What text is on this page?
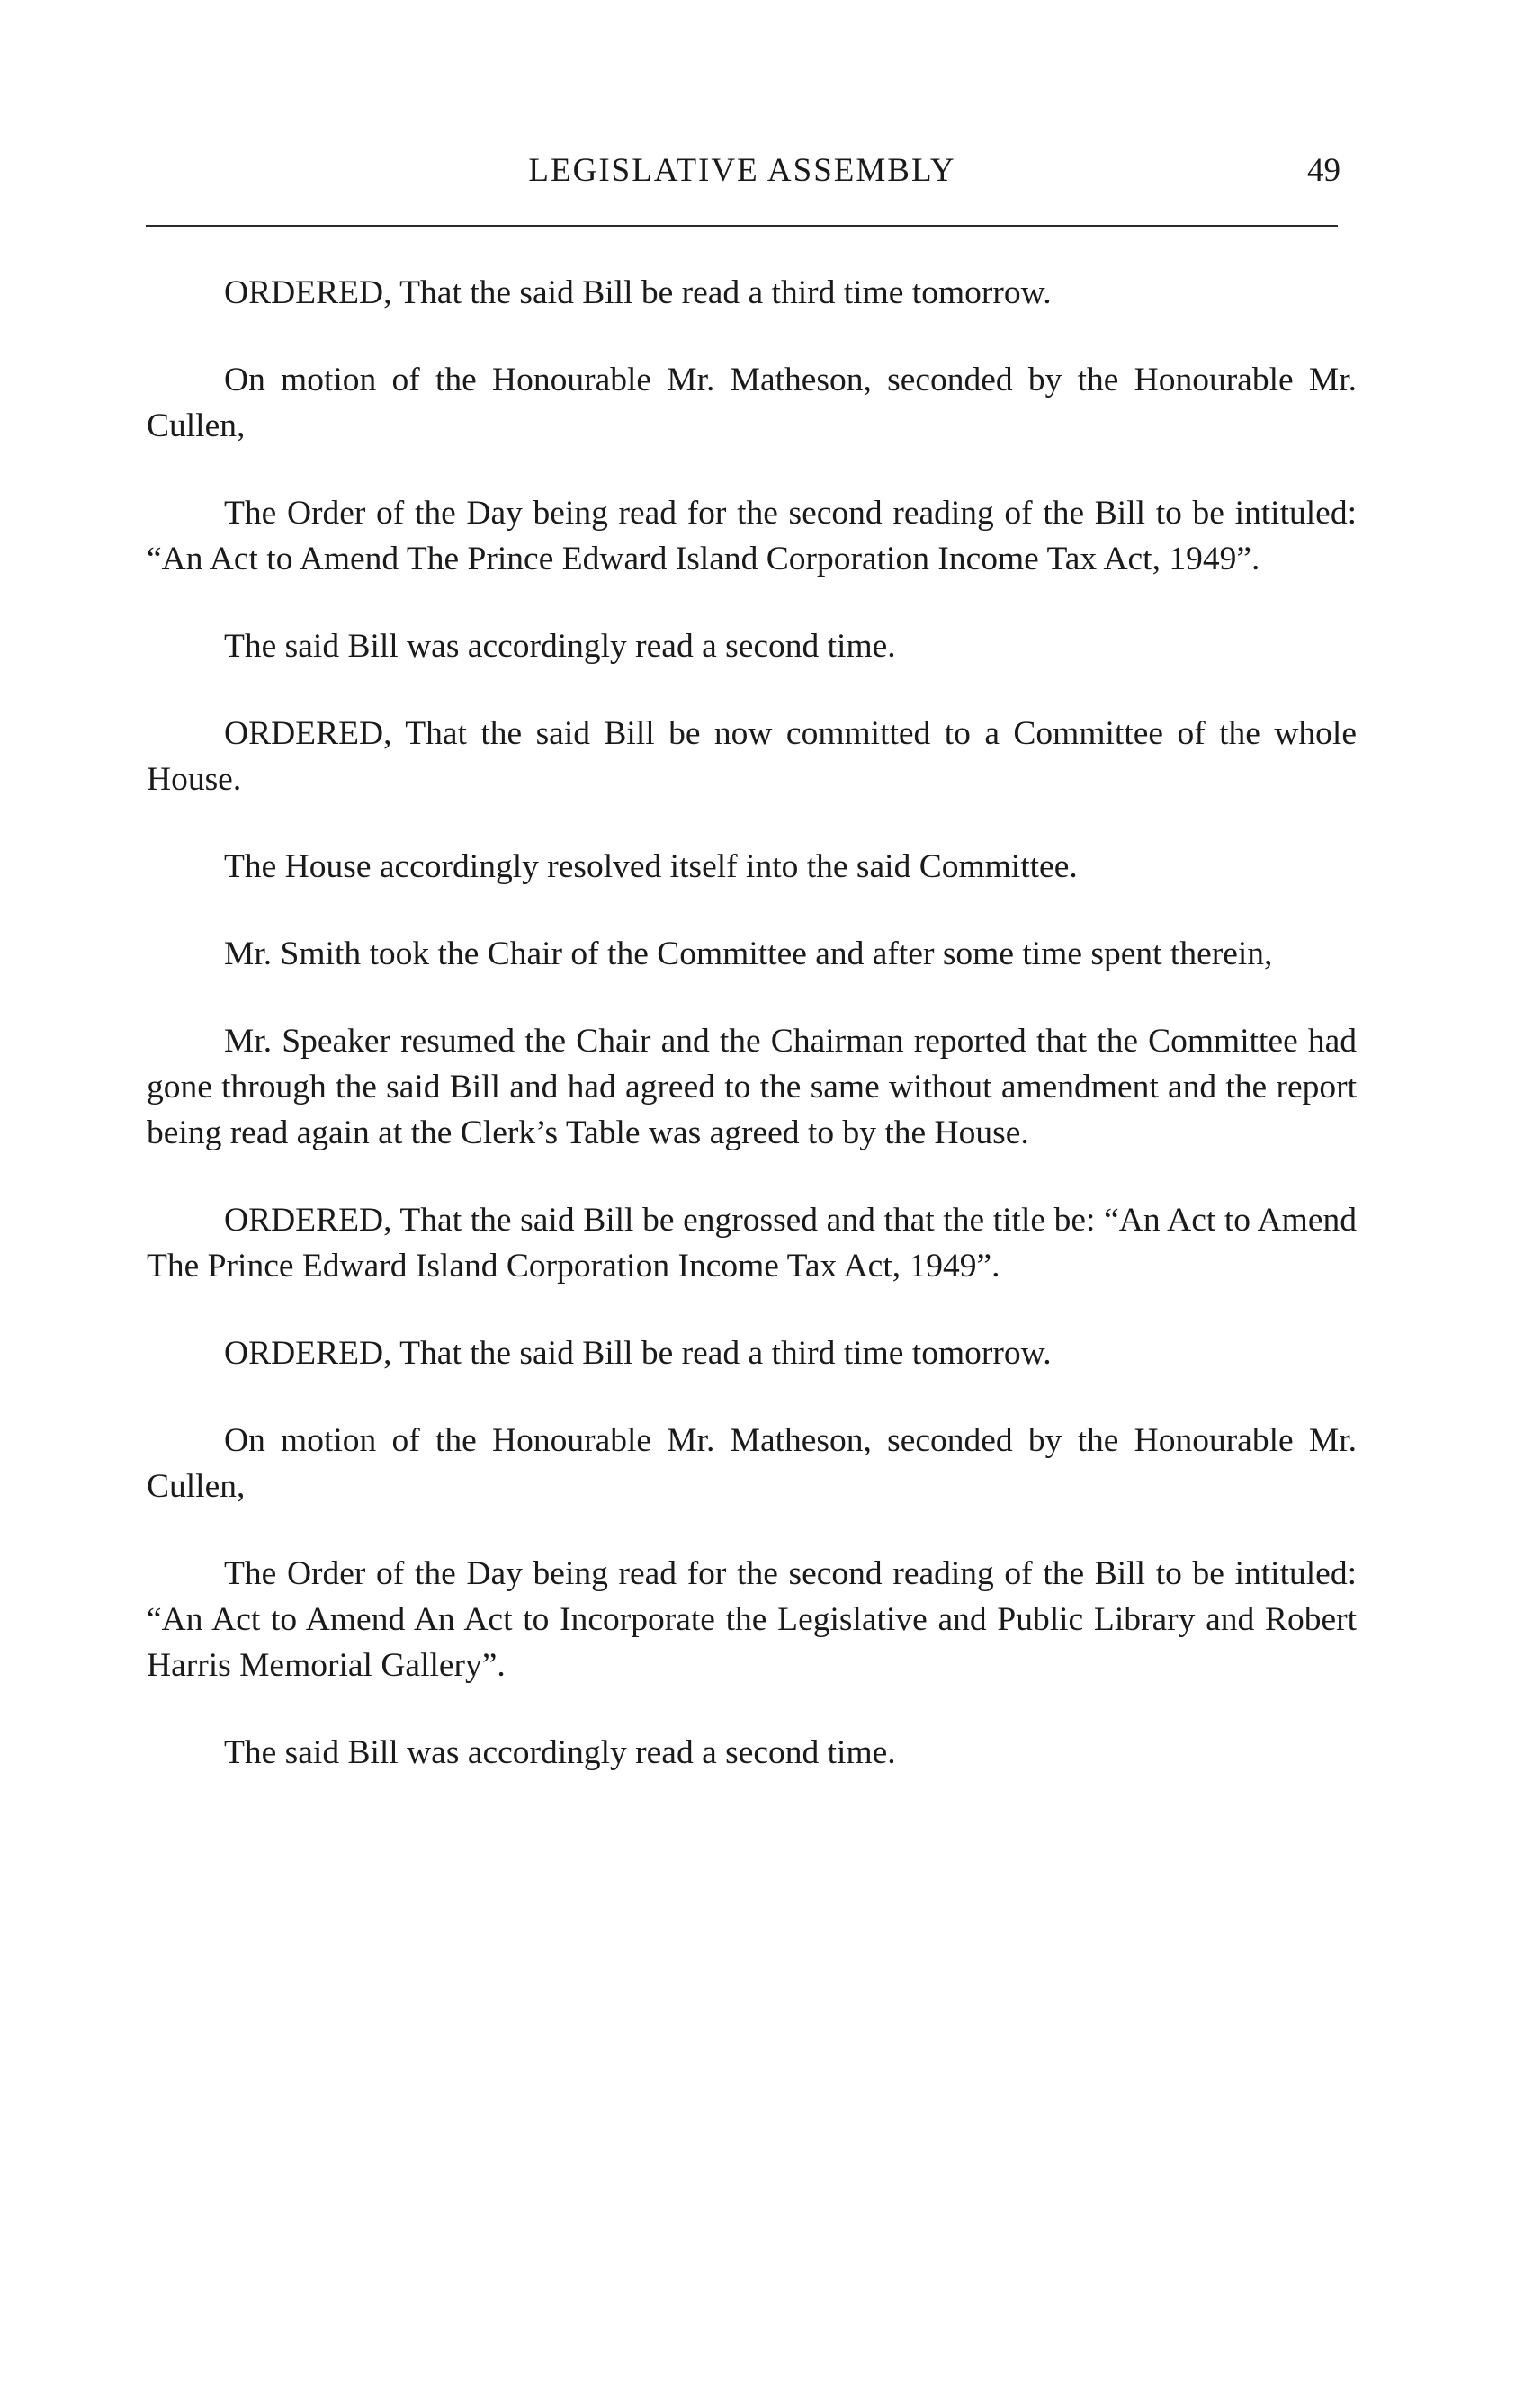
LEGISLATIVE ASSEMBLY	49

ORDERED, That the said Bill be read a third time tomorrow.

On motion of the Honourable Mr. Matheson, seconded by the Honourable Mr. Cullen,

The Order of the Day being read for the second reading of the Bill to be intituled: “An Act to Amend The Prince Edward Island Corporation Income Tax Act, 1949”.

The said Bill was accordingly read a second time.

ORDERED, That the said Bill be now committed to a Committee of the whole House.

The House accordingly resolved itself into the said Committee.

Mr. Smith took the Chair of the Committee and after some time spent therein,

Mr. Speaker resumed the Chair and the Chairman reported that the Committee had gone through the said Bill and had agreed to the same without amendment and the report being read again at the Clerk’s Table was agreed to by the House.

ORDERED, That the said Bill be engrossed and that the title be: “An Act to Amend The Prince Edward Island Corporation Income Tax Act, 1949”.

ORDERED, That the said Bill be read a third time tomorrow.

On motion of the Honourable Mr. Matheson, seconded by the Honourable Mr. Cullen,

The Order of the Day being read for the second reading of the Bill to be intituled: “An Act to Amend An Act to Incorporate the Legislative and Public Library and Robert Harris Memorial Gallery”.

The said Bill was accordingly read a second time.
